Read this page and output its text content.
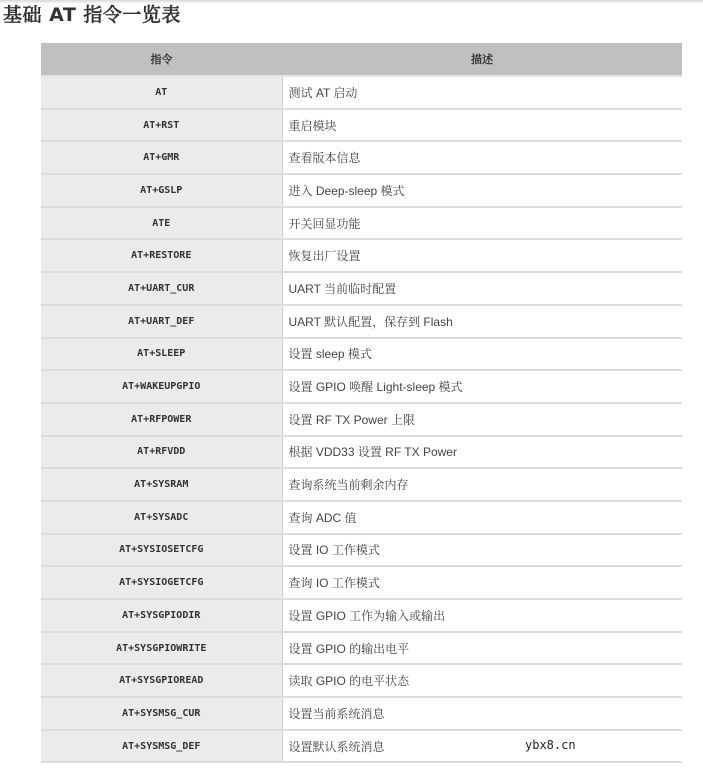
基础 AT 指令一览表
指令	描述
AT	测试 AT 启动
AT+RST	重启模块
AT+GMR	查看版本信息
AT+GSLP	进入 Deep-sleep 模式
ATE	开关回显功能
AT+RESTORE	恢复出厂设置
AT+UART_CUR	UART 当前临时配置
AT+UART_DEF	UART 默认配置，保存到 Flash
AT+SLEEP	设置 sleep 模式
AT+WAKEUPGPIO	设置 GPIO 唤醒 Light-sleep 模式
AT+RFPOWER	设置 RF TX Power 上限
AT+RFVDD	根据 VDD33 设置 RF TX Power
AT+SYSRAM	查询系统当前剩余内存
AT+SYSADC	查询 ADC 值
AT+SYSIOSETCFG	设置 IO 工作模式
AT+SYSIOGETCFG	查询 IO 工作模式
AT+SYSGPIODIR	设置 GPIO 工作为输入或输出
AT+SYSGPIOWRITE	设置 GPIO 的输出电平
AT+SYSGPIOREAD	读取 GPIO 的电平状态
AT+SYSMSG_CUR	设置当前系统消息
AT+SYSMSG_DEF	设置默认系统消息	ybx8.cn
